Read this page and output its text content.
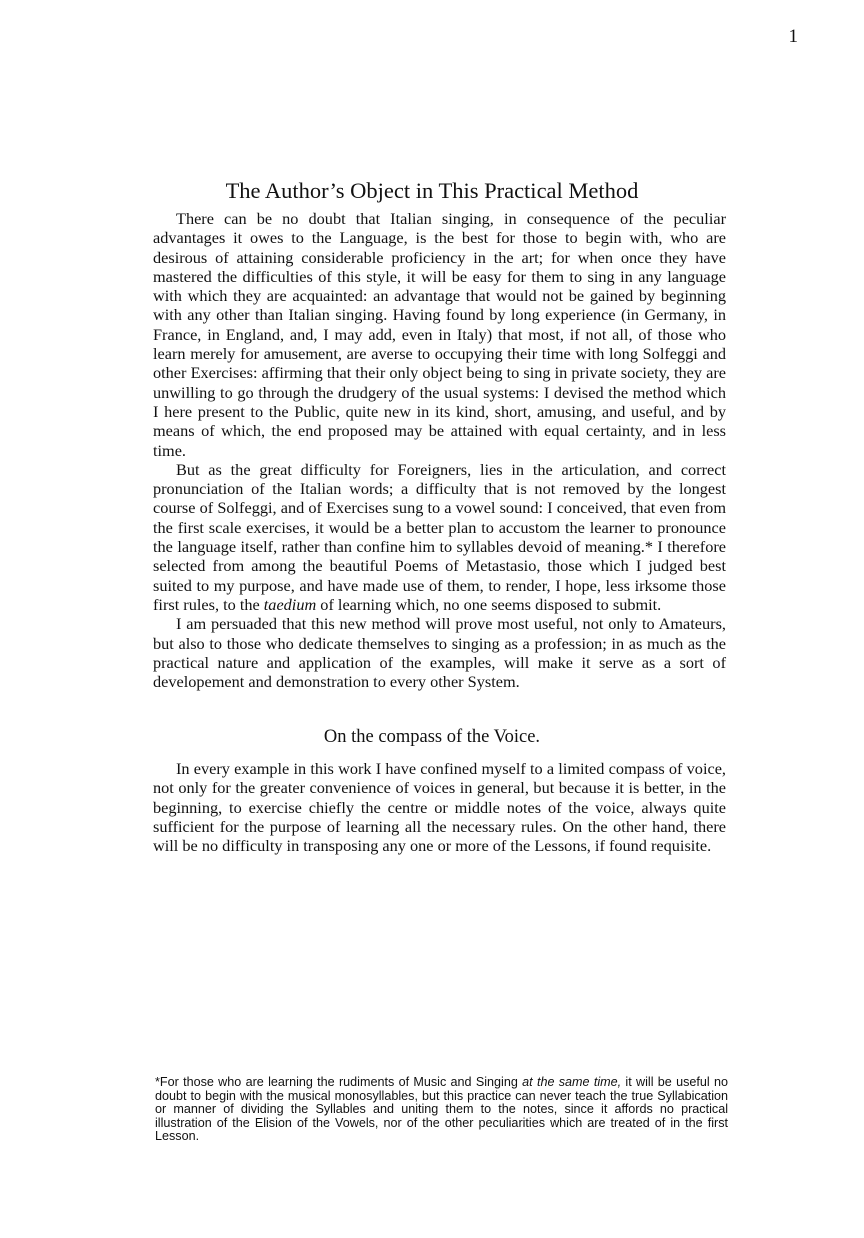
1
The Author’s Object in This Practical Method

There can be no doubt that Italian singing, in consequence of the peculiar advantages it owes to the Language, is the best for those to begin with, who are desirous of attaining considerable proficiency in the art; for when once they have mastered the difficulties of this style, it will be easy for them to sing in any language with which they are acquainted: an advantage that would not be gained by beginning with any other than Italian singing. Having found by long experience (in Germany, in France, in England, and, I may add, even in Italy) that most, if not all, of those who learn merely for amusement, are averse to occupying their time with long Solfeggi and other Exercises: affirming that their only object being to sing in private society, they are unwilling to go through the drudgery of the usual systems: I devised the method which I here present to the Public, quite new in its kind, short, amusing, and useful, and by means of which, the end proposed may be attained with equal certainty, and in less time.

But as the great difficulty for Foreigners, lies in the articulation, and correct pronunciation of the Italian words; a difficulty that is not removed by the longest course of Solfeggi, and of Exercises sung to a vowel sound: I conceived, that even from the first scale exercises, it would be a better plan to accustom the learner to pronounce the language itself, rather than confine him to syllables devoid of meaning.* I therefore selected from among the beautiful Poems of Metastasio, those which I judged best suited to my purpose, and have made use of them, to render, I hope, less irksome those first rules, to the taedium of learning which, no one seems disposed to submit.

I am persuaded that this new method will prove most useful, not only to Amateurs, but also to those who dedicate themselves to singing as a profession; in as much as the practical nature and application of the examples, will make it serve as a sort of developement and demonstration to every other System.

On the compass of the Voice.

In every example in this work I have confined myself to a limited compass of voice, not only for the greater convenience of voices in general, but because it is better, in the beginning, to exercise chiefly the centre or middle notes of the voice, always quite sufficient for the purpose of learning all the necessary rules. On the other hand, there will be no difficulty in transposing any one or more of the Lessons, if found requisite.

*For those who are learning the rudiments of Music and Singing at the same time, it will be useful no doubt to begin with the musical monosyllables, but this practice can never teach the true Syllabication or manner of dividing the Syllables and uniting them to the notes, since it affords no practical illustration of the Elision of the Vowels, nor of the other peculiarities which are treated of in the first Lesson.
